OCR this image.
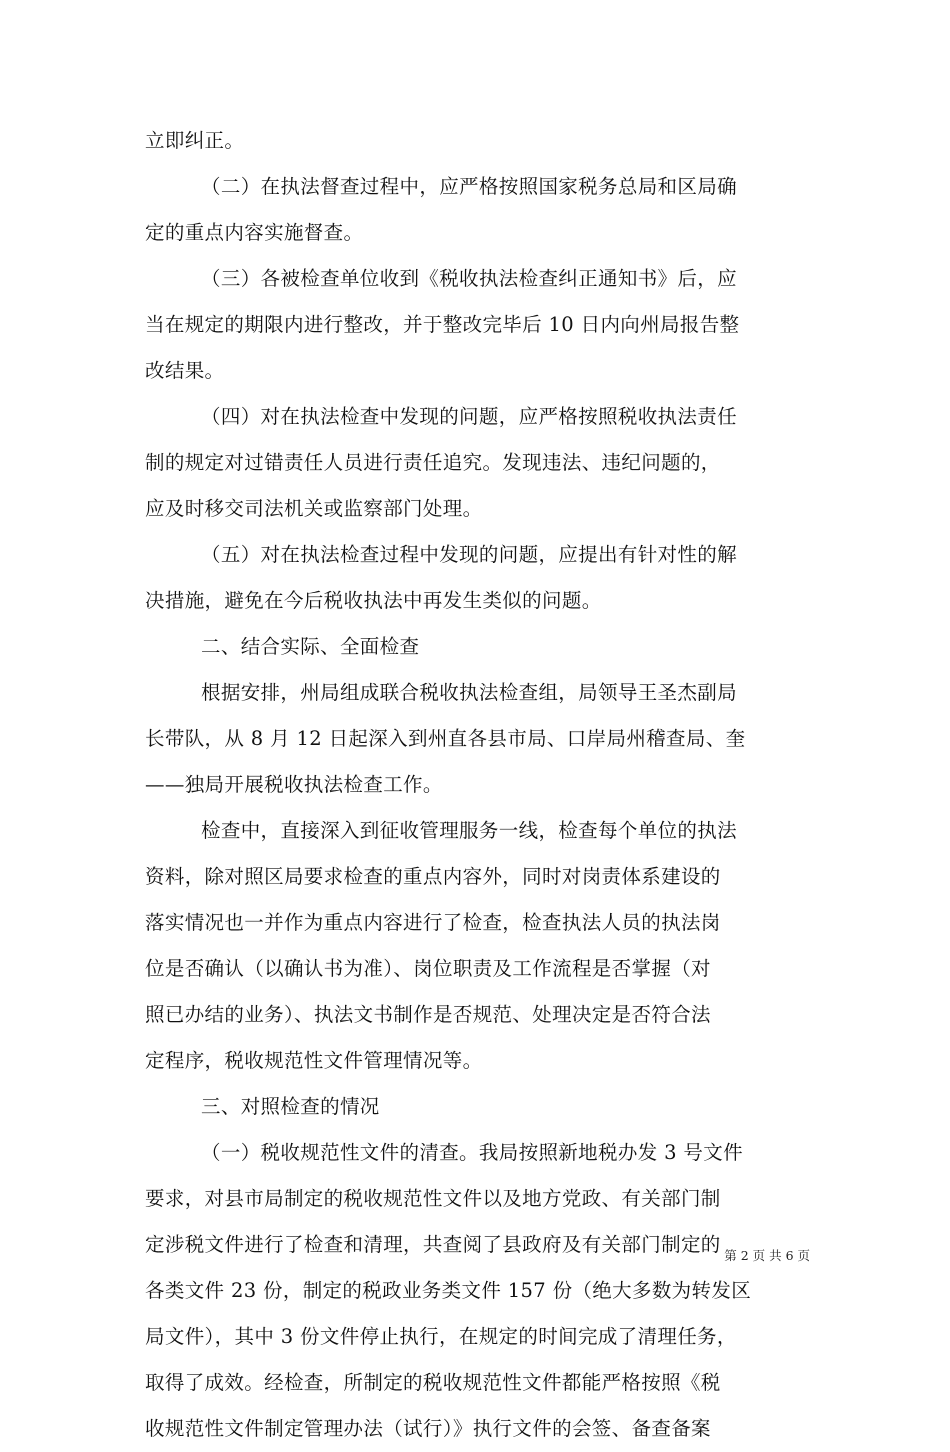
立即纠正。
（二）在执法督查过程中，应严格按照国家税务总局和区局确
定的重点内容实施督查。
（三）各被检查单位收到《税收执法检查纠正通知书》后，应
当在规定的期限内进行整改，并于整改完毕后 10 日内向州局报告整
改结果。
（四）对在执法检查中发现的问题，应严格按照税收执法责任
制的规定对过错责任人员进行责任追究。发现违法、违纪问题的，
应及时移交司法机关或监察部门处理。
（五）对在执法检查过程中发现的问题，应提出有针对性的解
决措施，避免在今后税收执法中再发生类似的问题。
二、结合实际、全面检查
根据安排，州局组成联合税收执法检查组，局领导王圣杰副局
长带队，从 8 月 12 日起深入到州直各县市局、口岸局州稽查局、奎
——独局开展税收执法检查工作。
检查中，直接深入到征收管理服务一线，检查每个单位的执法
资料，除对照区局要求检查的重点内容外，同时对岗责体系建设的
落实情况也一并作为重点内容进行了检查，检查执法人员的执法岗
位是否确认（以确认书为准）、岗位职责及工作流程是否掌握（对
照已办结的业务）、执法文书制作是否规范、处理决定是否符合法
定程序，税收规范性文件管理情况等。
三、对照检查的情况
（一）税收规范性文件的清查。我局按照新地税办发 3 号文件
要求，对县市局制定的税收规范性文件以及地方党政、有关部门制
定涉税文件进行了检查和清理，共查阅了县政府及有关部门制定的
各类文件 23 份，制定的税政业务类文件 157 份（绝大多数为转发区
局文件），其中 3 份文件停止执行，在规定的时间完成了清理任务，
取得了成效。经检查，所制定的税收规范性文件都能严格按照《税
收规范性文件制定管理办法（试行）》执行文件的会签、备查备案
第 2 页 共 6 页
